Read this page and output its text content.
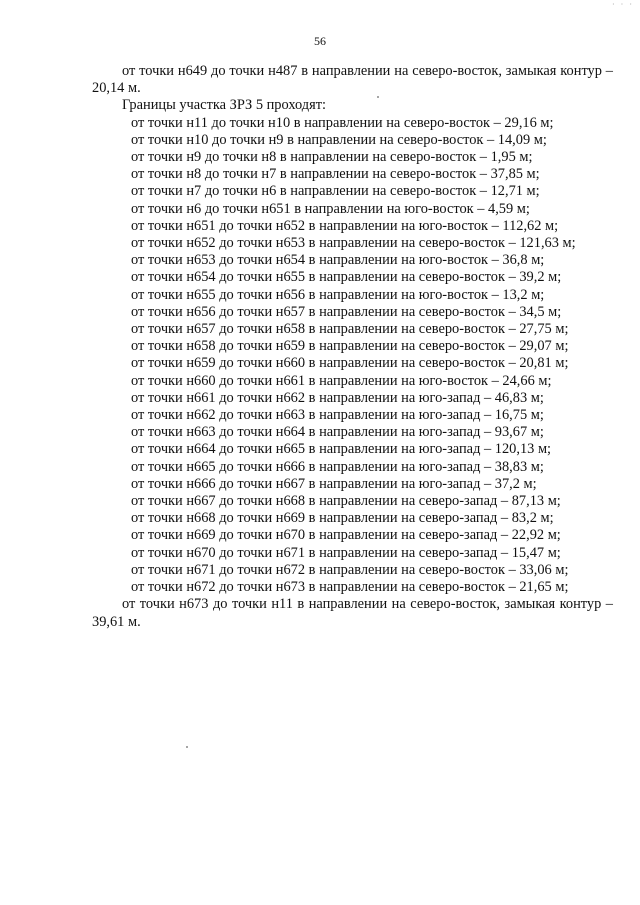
· · ·
56

от точки н649 до точки н487 в направлении на северо-восток, замыкая контур – 20,14 м.

Границы участка ЗРЗ 5 проходят:

от точки н11 до точки н10 в направлении на северо-восток – 29,16 м;

от точки н10 до точки н9 в направлении на северо-восток – 14,09 м;

от точки н9 до точки н8 в направлении на северо-восток – 1,95 м;

от точки н8 до точки н7 в направлении на северо-восток – 37,85 м;

от точки н7 до точки н6 в направлении на северо-восток – 12,71 м;

от точки н6 до точки н651 в направлении на юго-восток – 4,59 м;

от точки н651 до точки н652 в направлении на юго-восток – 112,62 м;

от точки н652 до точки н653 в направлении на северо-восток – 121,63 м;

от точки н653 до точки н654 в направлении на юго-восток – 36,8 м;

от точки н654 до точки н655 в направлении на северо-восток – 39,2 м;

от точки н655 до точки н656 в направлении на юго-восток – 13,2 м;

от точки н656 до точки н657 в направлении на северо-восток – 34,5 м;

от точки н657 до точки н658 в направлении на северо-восток – 27,75 м;

от точки н658 до точки н659 в направлении на северо-восток – 29,07 м;

от точки н659 до точки н660 в направлении на северо-восток – 20,81 м;

от точки н660 до точки н661 в направлении на юго-восток – 24,66 м;

от точки н661 до точки н662 в направлении на юго-запад – 46,83 м;

от точки н662 до точки н663 в направлении на юго-запад – 16,75 м;

от точки н663 до точки н664 в направлении на юго-запад – 93,67 м;

от точки н664 до точки н665 в направлении на юго-запад – 120,13 м;

от точки н665 до точки н666 в направлении на юго-запад – 38,83 м;

от точки н666 до точки н667 в направлении на юго-запад – 37,2 м;

от точки н667 до точки н668 в направлении на северо-запад – 87,13 м;

от точки н668 до точки н669 в направлении на северо-запад – 83,2 м;

от точки н669 до точки н670 в направлении на северо-запад – 22,92 м;

от точки н670 до точки н671 в направлении на северо-запад – 15,47 м;

от точки н671 до точки н672 в направлении на северо-восток – 33,06 м;

от точки н672 до точки н673 в направлении на северо-восток – 21,65 м;

от точки н673 до точки н11 в направлении на северо-восток, замыкая контур – 39,61 м.
